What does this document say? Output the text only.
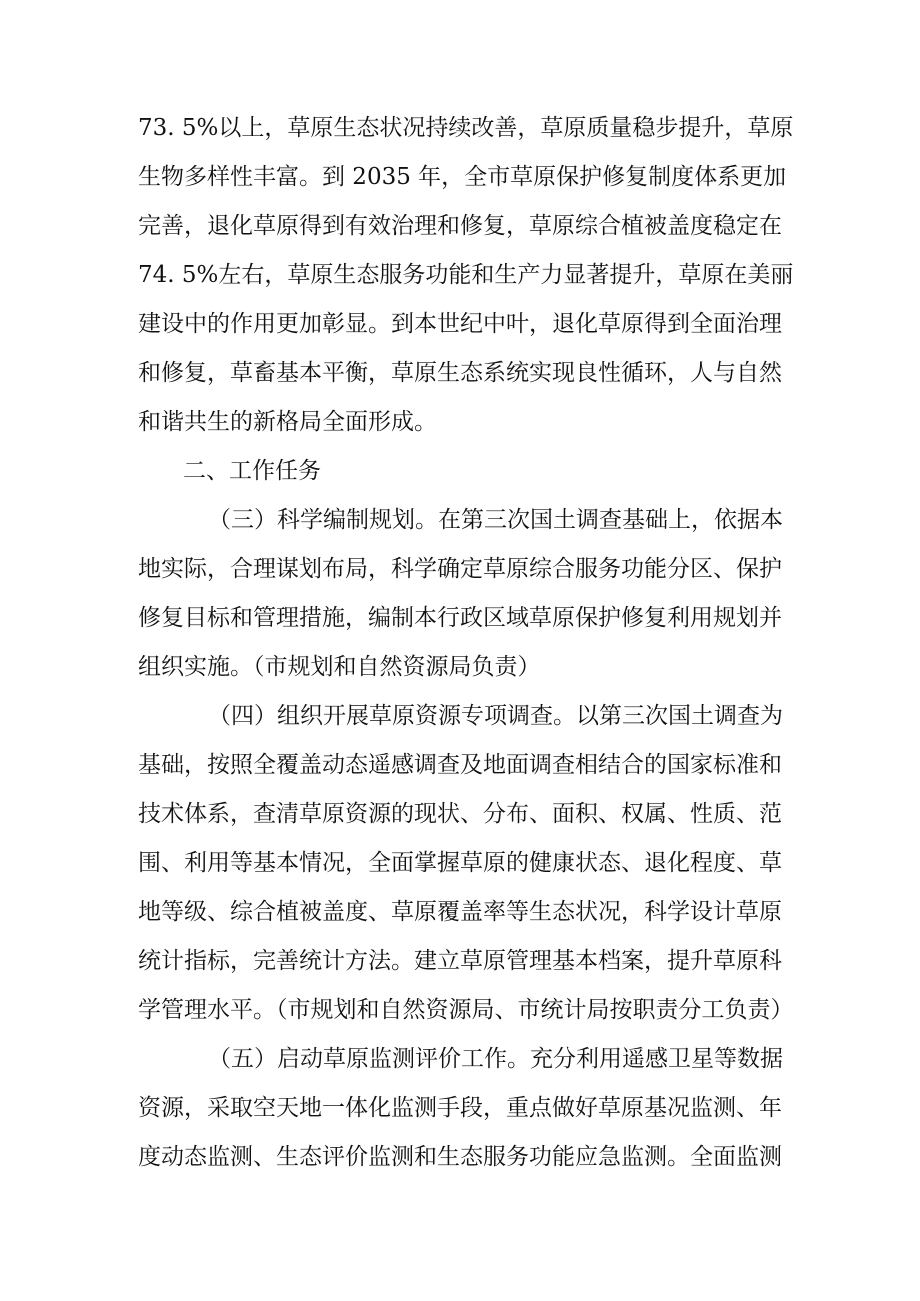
73. 5%以上，草原生态状况持续改善，草原质量稳步提升，草原
生物多样性丰富。到 2035 年，全市草原保护修复制度体系更加
完善，退化草原得到有效治理和修复，草原综合植被盖度稳定在
74. 5%左右，草原生态服务功能和生产力显著提升，草原在美丽
建设中的作用更加彰显。到本世纪中叶，退化草原得到全面治理
和修复，草畜基本平衡，草原生态系统实现良性循环，人与自然
和谐共生的新格局全面形成。
二、工作任务
（三）科学编制规划。在第三次国土调查基础上，依据本
地实际，合理谋划布局，科学确定草原综合服务功能分区、保护
修复目标和管理措施，编制本行政区域草原保护修复利用规划并
组织实施。（市规划和自然资源局负责）
（四）组织开展草原资源专项调查。以第三次国土调查为
基础，按照全覆盖动态遥感调查及地面调查相结合的国家标准和
技术体系，查清草原资源的现状、分布、面积、权属、性质、范
围、利用等基本情况，全面掌握草原的健康状态、退化程度、草
地等级、综合植被盖度、草原覆盖率等生态状况，科学设计草原
统计指标，完善统计方法。建立草原管理基本档案，提升草原科
学管理水平。（市规划和自然资源局、市统计局按职责分工负责）
（五）启动草原监测评价工作。充分利用遥感卫星等数据
资源，采取空天地一体化监测手段，重点做好草原基况监测、年
度动态监测、生态评价监测和生态服务功能应急监测。全面监测
